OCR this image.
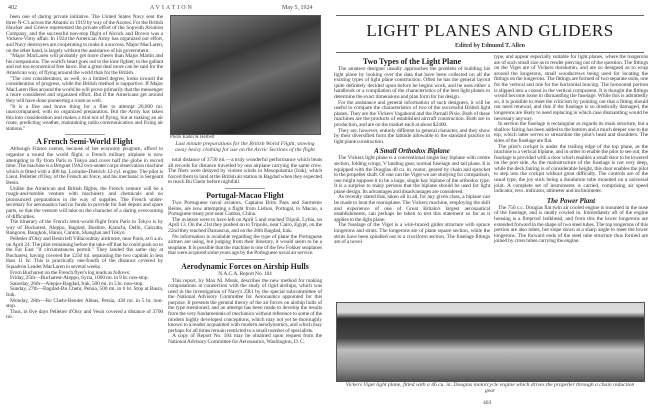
402	AVIATION	May 5, 1924

been one of daring private initiative. The United States Navy sent the three N-C's across the Atlantic in 1919 by way of the Azores. For the British Hawker and Grieve represented the private effort of the Sopwith Aviation Company, and the successful non-stop flight of Alcock and Brown was a Vickers-Vimy affair. In 1924 the American Army has organized our effort, and Navy destroyers are cooperating to make it a success. Major MacLaren, on the other hand, is largely without the assistance of his government.

"Major MacLaren will probably get more cheers than Major Martin and his companions. The world's heart goes out to the lone fighter, to the gallant and not too economical free lance. But a great deal more can be said for the American way, of flying around the world than for the British.

"The cost consideration, as well, to a limited degree, looks toward the consideration of progress, while the British method is supportive. If Major MacLaren flies around the world he will prove primarily that the messenger a more considered and organized effort. But if the Americans get around they will have done pioneering a route as well.

"It is a fine and brave thing for a flier to attempt 20,000 mi. unaccompanied, with no organized preparation. But the Army has taken this into consideration and makes a trial not of flying, but at making an air route, predicting weather, maintaining radio communication and fixing air stations."

A French Semi-World Flight

Although France cannot, because of her economy program, afford to organize a round the world flight, a French military airplane is now attempting to fly from Paris to Tokyo and cover half the globe in record time. The machine is a Breguet 19A2 two-seater corps observation machine which is fitted with a 400 hp. Lorraine-Dietrich 12-cyl. engine. The pilot is Lieut. Pelletier d'Oisy, of the French air force, and his mechanic is Sergeant Besin.

Unlike the American and British flights, the French venture will be a rough-and-tumble venture with machinery and chemicals and no pronounced preparations in the way of supplies. The French under-secretary for aeronautics had no funds to provide for fuel depots and spare parts, so that the venture will take on the character of a daring overcoming of difficulties.

The itinerary of the French semi-world flight from Paris to Tokyo is by way of Bucharest, Aleppo, Bagdad, Bushire, Karachi, Delhi, Calcutta, Rangoon, Bangkok, Hanoi, Canton, Shanghai and Tokyo.

Pelletier d'Oisy and Besin left Villacoublay airdrome, near Paris, at 6 a.m. on April 24. The pilot remaining before the take-off that he could push on to the Far East "if circumstances permit." They landed the same day at Bucharest, having covered the 1250 mi. separating the two capitals in less than 11 hr. This is practically one-fourth of the distance covered by Squadron Leader MacLaren in several weeks.

From Bucharest on the French flyer's log reads as follows:

Friday, 25th—Bucharest-Aleppo, Syria, 1000 mi. in 9 hr. non-stop.

Saturday, 26th—Aleppo-Bagdad, Irak, 500 mi. in 5 hr. non-stop.

Sunday, 27th—Bagdad-Bu Chehr, Persia, 500 mi. in 6 hr. Stop at Basra, Irak.

Monday, 28th—Bu Chehr-Bender Abbas, Persia, 430 mi. in 5 hr. non-stop.

Thus, in five days Pelletier d'Oisy and Vesin covered a distance of 3700 mi.

Photo Kadel & Herbert
Last minute preparations for the British World Flight, stowing away heavy clothing for use on the Arctic Sections of the flight

total distance of 3730 mi.—a truly wonderful performance which beats all records for distance travelled by one airplane carrying the same crew. The fliers were delayed by violent winds in Mesopotamia (Irak), which forced them to land at the British air station in Bagdad when they expected to reach Bu Chehr before nightfall.

Portugal-Macao Flight

Two Portuguese naval aviators, Captains Brito Paes and Sarmento Beires, are now attempting a flight from Lisbon, Portugal, to Macao, a Portuguese treaty port near Canton, China.

The aviators were to have left on April 5 and reached Tripoli, Lybia, on April 13. On the 21st they pushed on to Tripolis, near Cairo, Egypt, on the 22nd they reached Damascus, and on the 28th Bagdad, Irak.

No information is available regarding the type of plane the Portuguese airmen are using, but judging from their itinerary, it would seem to be a seaplane. It is possible that the machine is one of the few Fokker seaplanes that were acquired some years ago by the Portuguese naval air service.

Aerodynamic Forces on Airship Hulls
N.A.C.A. Report No. 184

This report, by Max M. Munk, describes the new method for making computations in connection with the study of rigid airships, which was used in the investigation of Navy's ZR1 by the special subcommittee of the National Advisory Committee for Aeronautics appointed for this purpose. It presents the general theory of the air forces on airship hulls of the type mentioned, and an attempt has been made to develop the results from the very fundamentals of mechanics without reference to some of the modern highly developed conceptions, which may not yet be thoroughly known to a reader acquainted with modern aerodynamics, and which may perhaps for all times remain restricted to a small number of specialists.

A copy of Report No. 184 may be obtained upon request from the National Advisory Committee for Aeronautics, Washington, D. C.

LIGHT PLANES AND GLIDERS
Edited by Edmund T. Allen
Two Types of the Light Plane

The amateur designer usually approaches the problem of building his light plane by looking over the data that have been collected on all the existing types of light plane construction. Often he has the general layout quite definitely decided upon before he begins work, and he uses either a handbook or a compilation of the characteristics of the best light planes to determine the exact dimensions and plan form for his design.

For the assistance and general information of such designers, it will be useful to compare the characteristics of two of the successful British light planes. They are the Vickers Vagabond and the Parnall Pixie. Both of these machines are the products of established aircraft construction. Both are in production, and are on the market each at about $2400.

They are, however, entirely different in general character, and they show by their diversified form the latitude allowable to the standard practice in light plane construction.

A Small Orthodox Biplane

The Vickers light plane is a conventional single bay biplane with centre section, folding wings, V landing gear, normal fuselage and tail plane. It is equipped with the Douglas 40 cu. in. motor, geared by chain and sprocket to the propeller shaft. Of one can the Viget we are studying for comparison, one might suppose it to be a large, single bay biplane of the orthodox type. It is a surprise to many persons that the biplane should be used for light plane design. Its advantages and disadvantages are considered.

As recently stated that, taken all in all, for any given class, a biplane can be made to beat the monoplane. The Vickers machine, employing the skill and experience of one of Great Britain's largest aeronautical establishments, can perhaps be taken to test this statement so far as it applies to the light plane.

The fuselage of the Viget is a wire-braced girder structure with spruce longerons and struts. The longerons are of plane square section, while the struts have been spindled out to a cruciform section. The fuselage fittings are of a novel

type, and appear especially suitable for light planes, where the longerons are of such small size as to render piercing out of the question. The fittings on the Viget are of Vickers duralumin, and are so designed as to wrap around the longerons, small woodscrews being used for locating the fittings on the longerons. The fittings are formed of two separate units, one for the vertical and one for the horizontal bracing. The horizontal portion is slipped into a cutout in the vertical component. It is thought the fittings would become loose in dismantling the fuselage. While this is admittedly so, it is possible to meet the criticism by pointing out that a fitting should not need renewal, and that if the fuselage is so drastically damaged, the longerons are likely to need replacing in which case dismantling would be necessary anyway.

In section the fuselage is rectangular as regards its main structure, but a shallow fairing has been added to the bottom and a much deeper one to the top, which latter serves to streamline the pilot's head and shoulders. The sides of the fuselage are flat.

The pilot's cockpit is under the trailing edge of the top plane, as the machine is a vertical biplane, and in order to enable the pilot to see out, the fuselage is provided with a door which enables a small door to be lowered on the port side. As the mainstructure of the fuselage is not very deep, while the deck fairing is of considerable height, this door enables the pilot to step into the cockpit without great difficulty. The controls are of the usual type, the joy stick being a duralumin tube mounted on a universal joint. A complete set of instruments is carried, comprising air speed indicator, revs. indicator, altimeter and inclinometer.

The Power Plant

The 750 c.c. Douglas flat twin air cooled engine is mounted in the nose of the fuselage, and is neatly cowled in. Immediately aft of the engine housing is a fireproof bulkhead, and from this the lower longerons are extended forward in the shape of two steel tubes. The top longerons of this portion are also tubes, but slope down at a sharp angle to meet the lower longerons. The forward ends of the steel tube structure thus formed are joined by cross tubes carrying the engine.

Vickers Viget light plane, fitted with a 46 cu. in. Douglas motorcycle engine which drives the propeller through a chain reduction gear
403
